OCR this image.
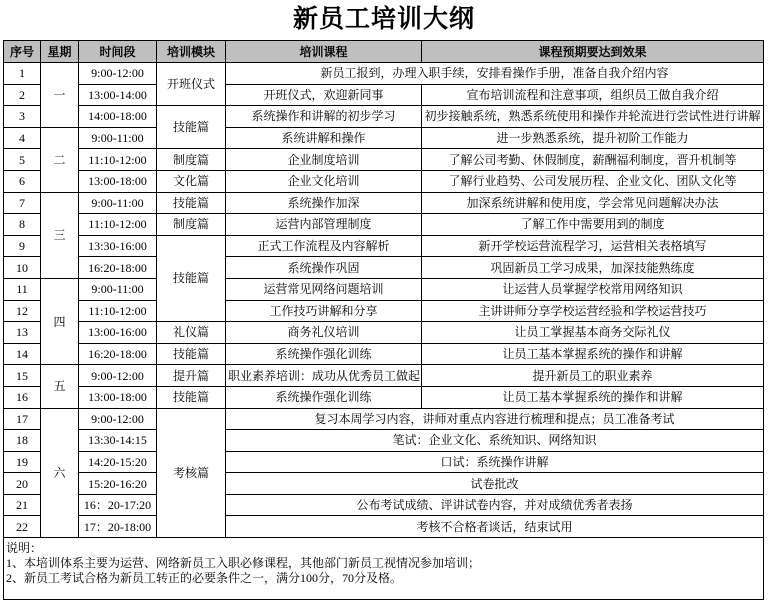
新员工培训大纲
序号	星期	时间段	培训模块	培训课程	课程预期要达到效果
1	一	9:00-12:00	开班仪式	新员工报到，办理入职手续，安排看操作手册，准备自我介绍内容	
2		13:00-14:00		开班仪式，欢迎新同事	宣布培训流程和注意事项，组织员工做自我介绍
3		14:00-18:00	技能篇	系统操作和讲解的初步学习	初步接触系统，熟悉系统使用和操作并轮流进行尝试性进行讲解
4	二	9:00-11:00		系统讲解和操作	进一步熟悉系统，提升初阶工作能力
5		11:10-12:00	制度篇	企业制度培训	了解公司考勤、休假制度，薪酬福利制度，晋升机制等
6		13:00-18:00	文化篇	企业文化培训	了解行业趋势、公司发展历程、企业文化、团队文化等
7	三	9:00-11:00	技能篇	系统操作加深	加深系统讲解和使用度，学会常见问题解决办法
8		11:10-12:00	制度篇	运营内部管理制度	了解工作中需要用到的制度
9		13:30-16:00	技能篇	正式工作流程及内容解析	新开学校运营流程学习，运营相关表格填写
10		16:20-18:00		系统操作巩固	巩固新员工学习成果，加深技能熟练度
11	四	9:00-11:00		运营常见网络问题培训	让运营人员掌握学校常用网络知识
12		11:10-12:00		工作技巧讲解和分享	主讲讲师分享学校运营经验和学校运营技巧
13		13:00-16:00	礼仪篇	商务礼仪培训	让员工掌握基本商务交际礼仪
14		16:20-18:00	技能篇	系统操作强化训练	让员工基本掌握系统的操作和讲解
15	五	9:00-12:00	提升篇	职业素养培训：成功从优秀员工做起	提升新员工的职业素养
16		13:00-18:00	技能篇	系统操作强化训练	让员工基本掌握系统的操作和讲解
17	六	9:00-12:00	考核篇	复习本周学习内容，讲师对重点内容进行梳理和提点；员工准备考试	
18		13:30-14:15		笔试：企业文化、系统知识、网络知识	
19		14:20-15:20		口试：系统操作讲解	
20		15:20-16:20		试卷批改	
21		16：20-17:20		公布考试成绩、评讲试卷内容，并对成绩优秀者表扬	
22		17：20-18:00		考核不合格者谈话，结束试用	

说明：
1、本培训体系主要为运营、网络新员工入职必修课程，其他部门新员工视情况参加培训；
2、新员工考试合格为新员工转正的必要条件之一，满分100分，70分及格。					
